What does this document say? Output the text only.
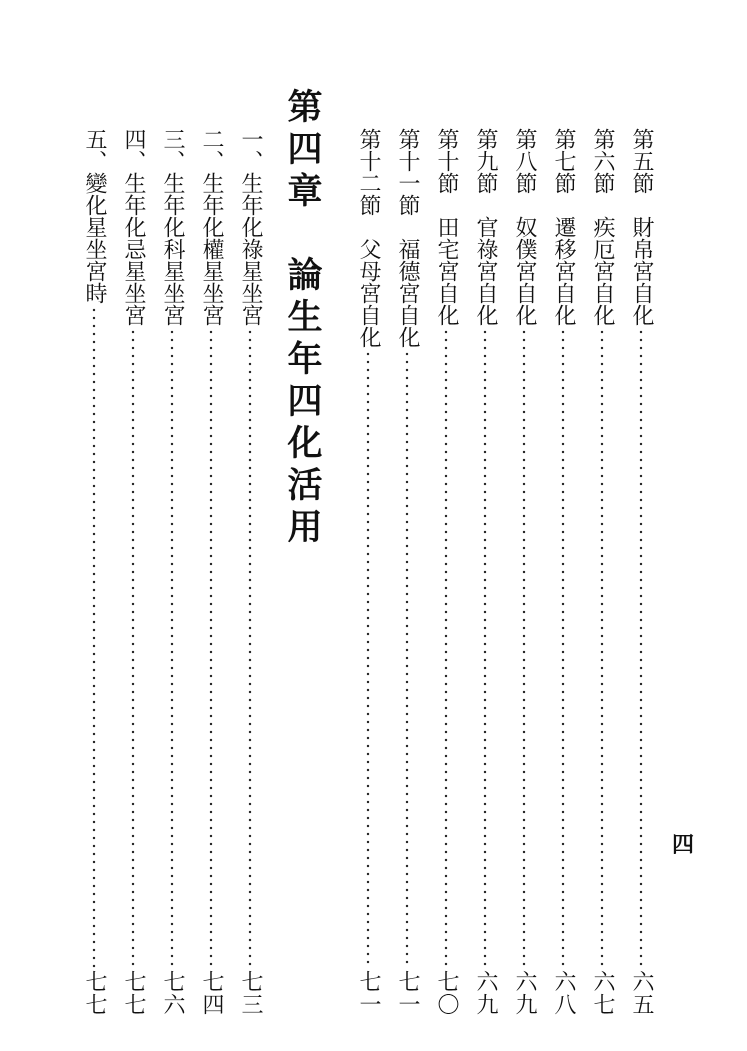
四
第五節　財帛宮自化
六五
第六節　疾厄宮自化
六七
第七節　遷移宮自化
六八
第八節　奴僕宮自化
六九
第九節　官祿宮自化
六九
第十節　田宅宮自化
七〇
第十一節　福德宮自化
七一
第十二節　父母宮自化
七一
第四章　論生年四化活用
一、生年化祿星坐宮
七三
二、生年化權星坐宮
七四
三、生年化科星坐宮
七六
四、生年化忌星坐宮
七七
五、變化星坐宮時
七七
